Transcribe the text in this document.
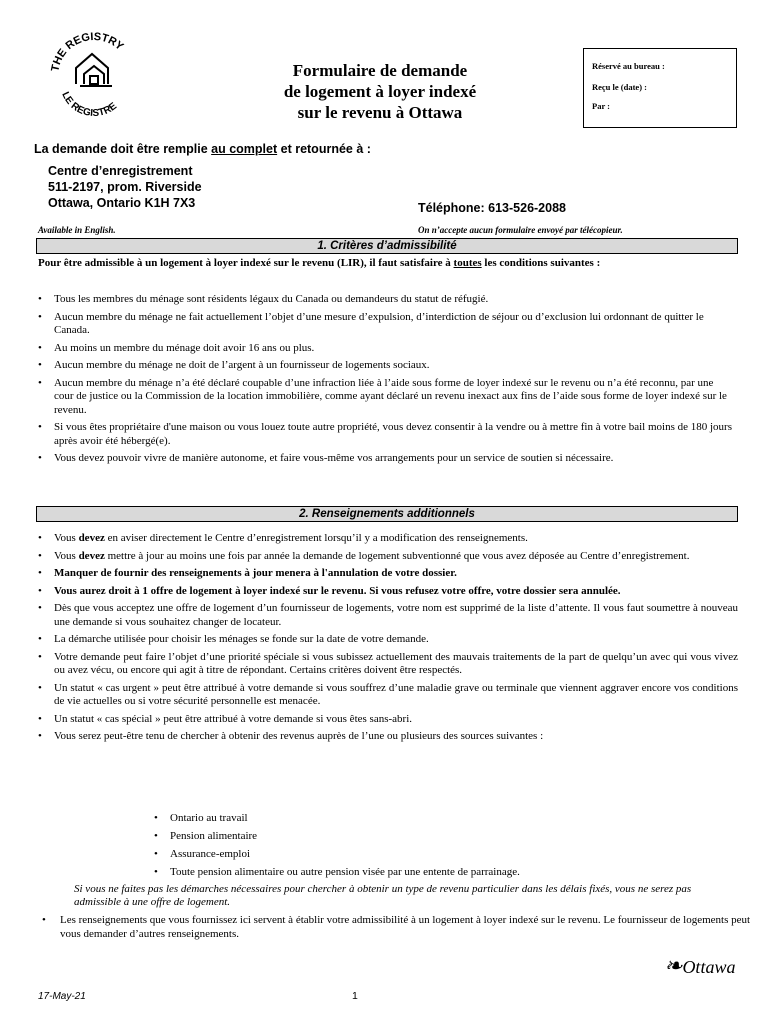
THE REGISTRY
LE REGISTRE
Formulaire de demande
de logement à loyer indexé
sur le revenu à Ottawa
Réservé au bureau :
Reçu le (date) :
Par :
La demande doit être remplie au complet et retournée à :
Centre d’enregistrement
511-2197, prom. Riverside
Ottawa, Ontario K1H 7X3	Téléphone: 613-526-2088
Available in English.	On n’accepte aucun formulaire envoyé par télécopieur.
1. Critères d’admissibilité
Pour être admissible à un logement à loyer indexé sur le revenu (LIR), il faut satisfaire à toutes les conditions suivantes :
• Tous les membres du ménage sont résidents légaux du Canada ou demandeurs du statut de réfugié.
• Aucun membre du ménage ne fait actuellement l’objet d’une mesure d’expulsion, d’interdiction de séjour ou d’exclusion lui ordonnant de quitter le Canada.
• Au moins un membre du ménage doit avoir 16 ans ou plus.
• Aucun membre du ménage ne doit de l’argent à un fournisseur de logements sociaux.
• Aucun membre du ménage n’a été déclaré coupable d’une infraction liée à l’aide sous forme de loyer indexé sur le revenu ou n’a été reconnu, par une cour de justice ou la Commission de la location immobilière, comme ayant déclaré un revenu inexact aux fins de l’aide sous forme de loyer indexé sur le revenu.
• Si vous êtes propriétaire d'une maison ou vous louez toute autre propriété, vous devez consentir à la vendre ou à mettre fin à votre bail moins de 180 jours après avoir été hébergé(e).
• Vous devez pouvoir vivre de manière autonome, et faire vous-même vos arrangements pour un service de soutien si nécessaire.
2. Renseignements additionnels
• Vous devez en aviser directement le Centre d’enregistrement lorsqu’il y a modification des renseignements.
• Vous devez mettre à jour au moins une fois par année la demande de logement subventionné que vous avez déposée au Centre d’enregistrement.
• Manquer de fournir des renseignements à jour menera à l'annulation de votre dossier.
• Vous aurez droit à 1 offre de logement à loyer indexé sur le revenu. Si vous refusez votre offre, votre dossier sera annulée.
• Dès que vous acceptez une offre de logement d’un fournisseur de logements, votre nom est supprimé de la liste d’attente. Il vous faut soumettre à nouveau une demande si vous souhaitez changer de locateur.
• La démarche utilisée pour choisir les ménages se fonde sur la date de votre demande.
• Votre demande peut faire l’objet d’une priorité spéciale si vous subissez actuellement des mauvais traitements de la part de quelqu’un avec qui vous vivez ou avez vécu, ou encore qui agit à titre de répondant. Certains critères doivent être respectés.
• Un statut « cas urgent » peut être attribué à votre demande si vous souffrez d’une maladie grave ou terminale que viennent aggraver encore vos conditions de vie actuelles ou si votre sécurité personnelle est menacée.
• Un statut « cas spécial » peut être attribué à votre demande si vous êtes sans-abri.
• Vous serez peut-être tenu de chercher à obtenir des revenus auprès de l’une ou plusieurs des sources suivantes :
• Ontario au travail
• Pension alimentaire
• Assurance-emploi
• Toute pension alimentaire ou autre pension visée par une entente de parrainage.
Si vous ne faites pas les démarches nécessaires pour chercher à obtenir un type de revenu particulier dans les délais fixés, vous ne serez pas admissible à une offre de logement.
• Les renseignements que vous fournissez ici servent à établir votre admissibilité à un logement à loyer indexé sur le revenu. Le fournisseur de logements peut vous demander d’autres renseignements.
17-May-21	1
❧Ottawa
